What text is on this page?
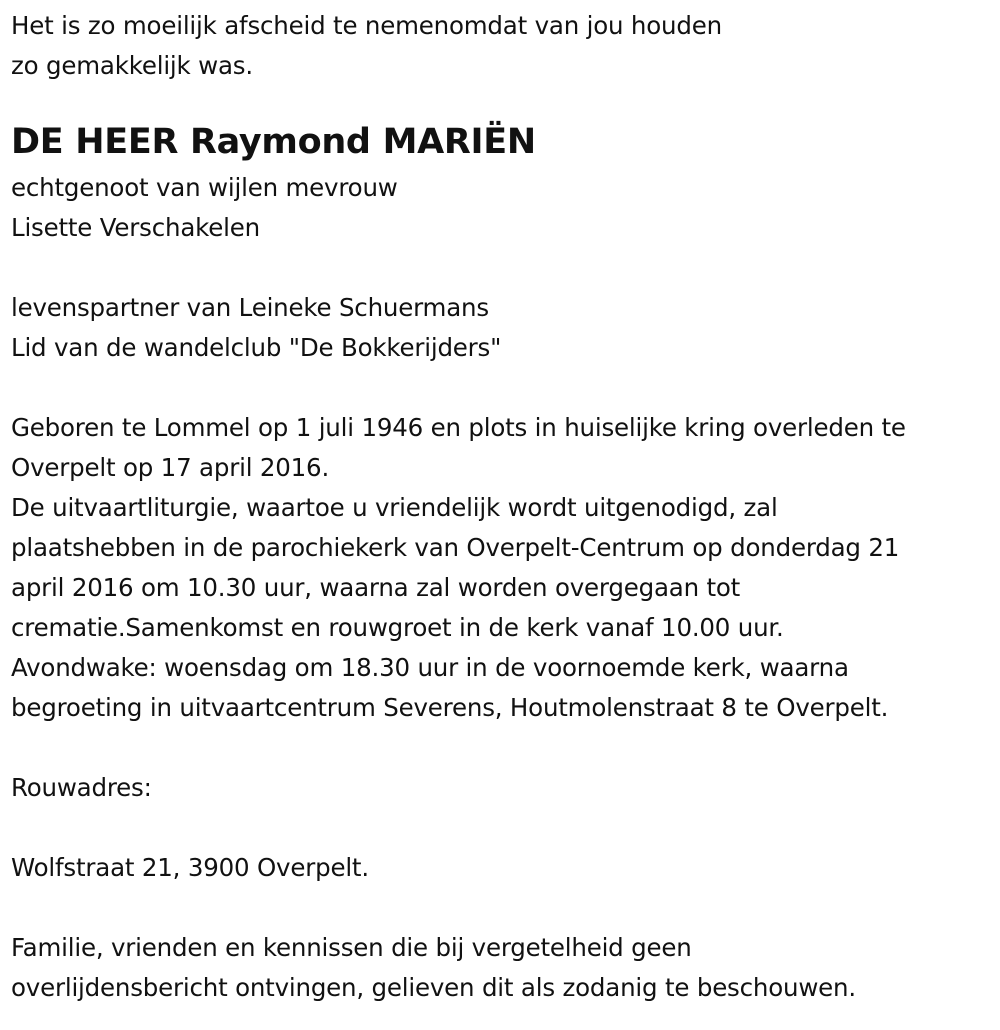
Het is zo moeilijk afscheid te nemenomdat van jou houden
zo gemakkelijk was.
DE HEER Raymond MARIËN
echtgenoot van wijlen mevrouw
Lisette Verschakelen
levenspartner van Leineke Schuermans
Lid van de wandelclub "De Bokkerijders"
Geboren te Lommel op 1 juli 1946 en plots in huiselijke kring overleden te
Overpelt op 17 april 2016.
De uitvaartliturgie, waartoe u vriendelijk wordt uitgenodigd, zal
plaatshebben in de parochiekerk van Overpelt-Centrum op donderdag 21
april 2016 om 10.30 uur, waarna zal worden overgegaan tot
crematie.Samenkomst en rouwgroet in de kerk vanaf 10.00 uur.
Avondwake: woensdag om 18.30 uur in de voornoemde kerk, waarna
begroeting in uitvaartcentrum Severens, Houtmolenstraat 8 te Overpelt.
Rouwadres:
Wolfstraat 21, 3900 Overpelt.
Familie, vrienden en kennissen die bij vergetelheid geen
overlijdensbericht ontvingen, gelieven dit als zodanig te beschouwen.
